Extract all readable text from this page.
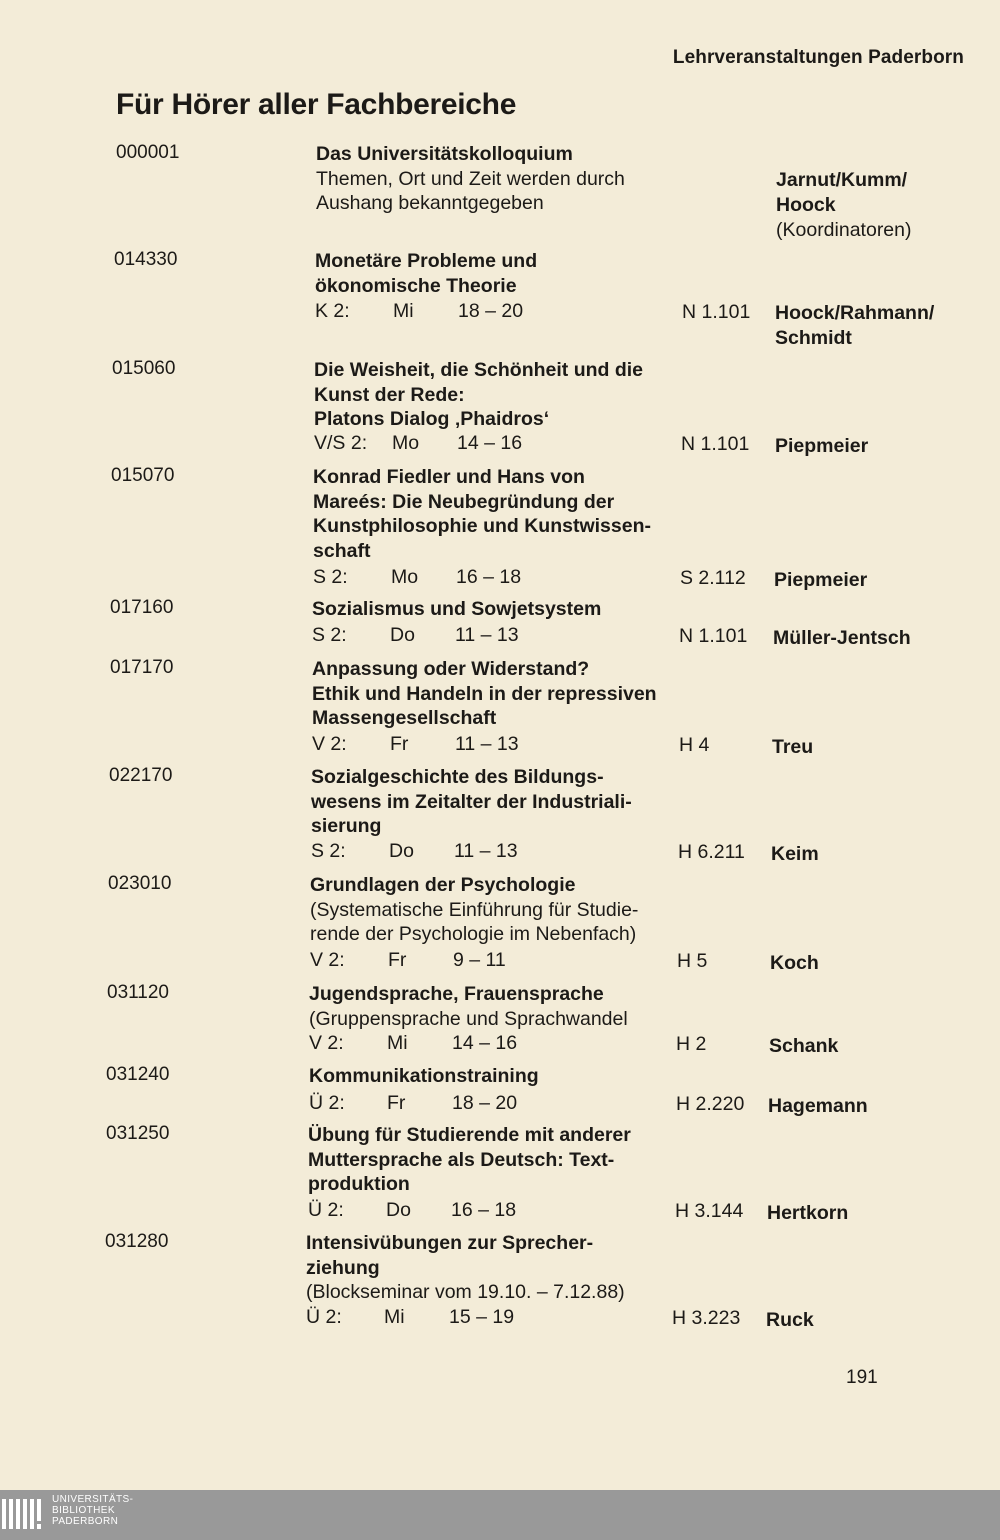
Lehrveranstaltungen Paderborn
Für Hörer aller Fachbereiche
000001	Das Universitätskolloquium
Themen, Ort und Zeit werden durch
Aushang bekanntgegeben
Jarnut/Kumm/
Hoock
(Koordinatoren)
014330	Monetäre Probleme und
ökonomische Theorie
K 2: Mi 18 – 20	N 1.101 Hoock/Rahmann/
Schmidt
015060	Die Weisheit, die Schönheit und die
Kunst der Rede:
Platons Dialog ‚Phaidros‘
V/S 2: Mo 14 – 16	N 1.101 Piepmeier
015070	Konrad Fiedler und Hans von
Mareés: Die Neubegründung der
Kunstphilosophie und Kunstwissen-
schaft
S 2: Mo 16 – 18	S 2.112 Piepmeier
017160	Sozialismus und Sowjetsystem
S 2: Do 11 – 13	N 1.101 Müller-Jentsch
017170	Anpassung oder Widerstand?
Ethik und Handeln in der repressiven
Massengesellschaft
V 2: Fr 11 – 13	H 4	Treu
022170	Sozialgeschichte des Bildungs-
wesens im Zeitalter der Industriali-
sierung
S 2: Do 11 – 13	H 6.211 Keim
023010	Grundlagen der Psychologie
(Systematische Einführung für Studie-
rende der Psychologie im Nebenfach)
V 2: Fr 9 – 11	H 5	Koch
031120	Jugendsprache, Frauensprache
(Gruppensprache und Sprachwandel
V 2: Mi 14 – 16	H 2	Schank
031240	Kommunikationstraining
Ü 2: Fr 18 – 20	H 2.220 Hagemann
031250	Übung für Studierende mit anderer
Muttersprache als Deutsch: Text-
produktion
Ü 2: Do 16 – 18	H 3.144 Hertkorn
031280	Intensivübungen zur Sprecher-
ziehung
(Blockseminar vom 19.10. – 7.12.88)
Ü 2: Mi 15 – 19	H 3.223 Ruck
191
UNIVERSITÄTS-
BIBLIOTHEK
PADERBORN
